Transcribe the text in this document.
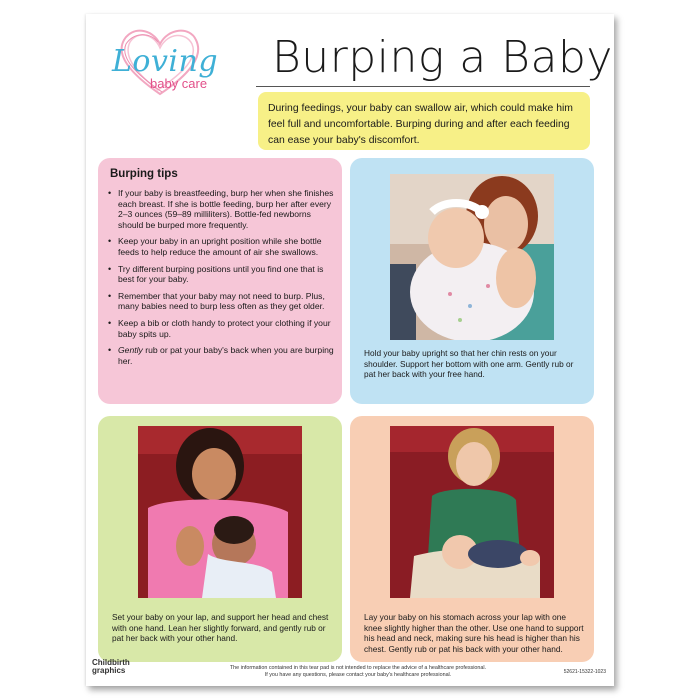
Loving
baby care
Burping a Baby
During feedings, your baby can swallow air, which could make him feel full and uncomfortable. Burping during and after each feeding can ease your baby's discomfort.
Burping tips
• If your baby is breastfeeding, burp her when she finishes each breast. If she is bottle feeding, burp her after every 2–3 ounces (59–89 milliliters). Bottle-fed newborns should be burped more frequently.
• Keep your baby in an upright position while she bottle feeds to help reduce the amount of air she swallows.
• Try different burping positions until you find one that is best for your baby.
• Remember that your baby may not need to burp. Plus, many babies need to burp less often as they get older.
• Keep a bib or cloth handy to protect your clothing if your baby spits up.
• Gently rub or pat your baby's back when you are burping her.
Hold your baby upright so that her chin rests on your shoulder. Support her bottom with one arm. Gently rub or pat her back with your free hand.
Set your baby on your lap, and support her head and chest with one hand. Lean her slightly forward, and gently rub or pat her back with your other hand.
Lay your baby on his stomach across your lap with one knee slightly higher than the other. Use one hand to support his head and neck, making sure his head is higher than his chest. Gently rub or pat his back with your other hand.
Childbirth
graphics	The information contained in this tear pad is not intended to replace the advice of a healthcare professional.
If you have any questions, please contact your baby's healthcare professional.	52621-15322-1023
